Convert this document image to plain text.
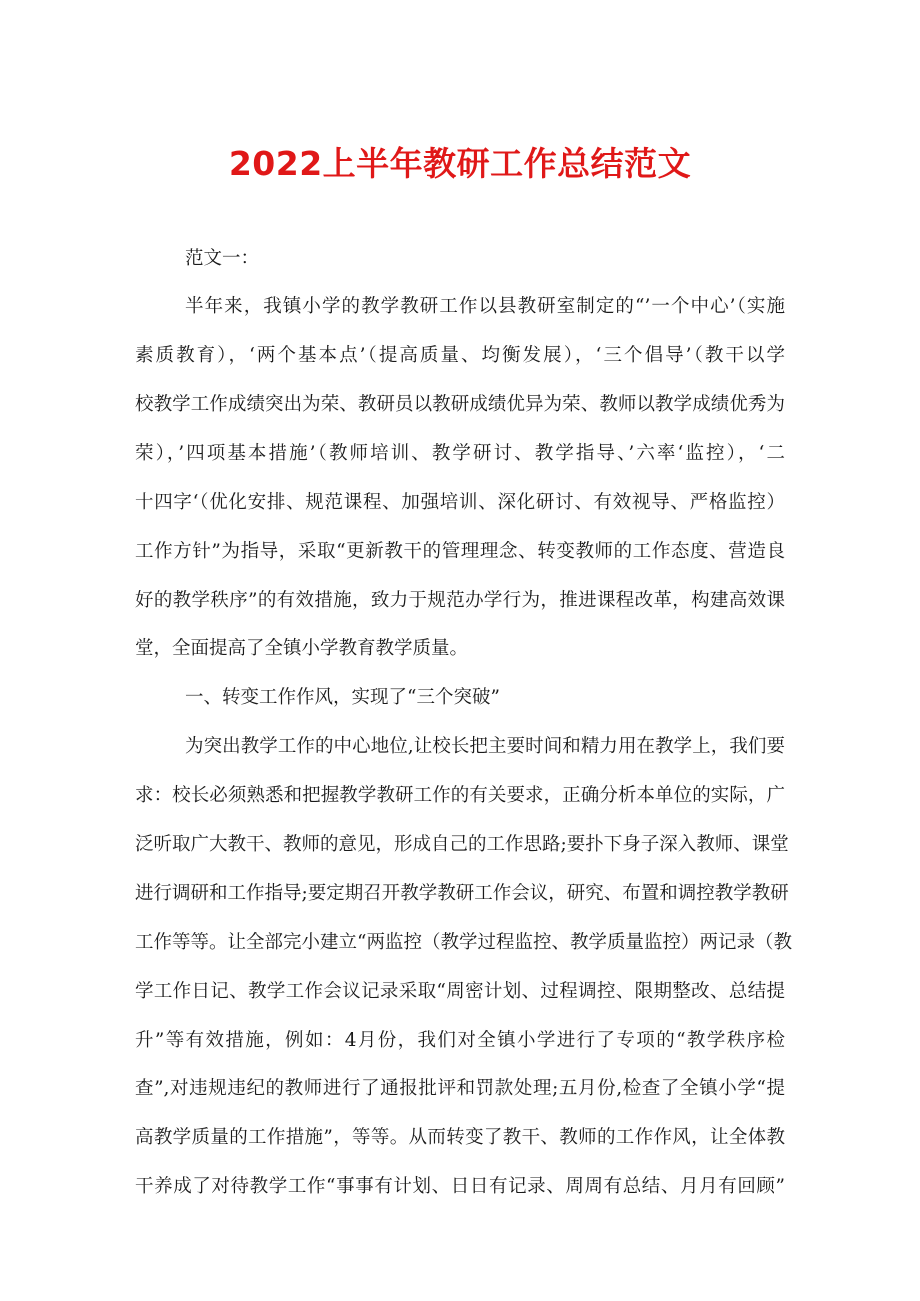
2022上半年教研工作总结范文
范文一：
半年来，我镇小学的教学教研工作以县教研室制定的“’一个中心’（实施
素质教育），‘两个基本点’（提高质量、均衡发展），‘三个倡导’（教干以学
校教学工作成绩突出为荣、教研员以教研成绩优异为荣、教师以教学成绩优秀为
荣），’四项基本措施’（教师培训、教学研讨、教学指导、’六率‘监控），‘二
十四字‘（优化安排、规范课程、加强培训、深化研讨、有效视导、严格监控）
工作方针”为指导，采取“更新教干的管理理念、转变教师的工作态度、营造良
好的教学秩序”的有效措施，致力于规范办学行为，推进课程改革，构建高效课
堂，全面提高了全镇小学教育教学质量。
一、转变工作作风，实现了“三个突破”
为突出教学工作的中心地位,让校长把主要时间和精力用在教学上，我们要
求：校长必须熟悉和把握教学教研工作的有关要求，正确分析本单位的实际，广
泛听取广大教干、教师的意见，形成自己的工作思路;要扑下身子深入教师、课堂
进行调研和工作指导;要定期召开教学教研工作会议，研究、布置和调控教学教研
工作等等。让全部完小建立“两监控（教学过程监控、教学质量监控）两记录（教
学工作日记、教学工作会议记录采取“周密计划、过程调控、限期整改、总结提
升”等有效措施，例如：4月份，我们对全镇小学进行了专项的“教学秩序检
查”,对违规违纪的教师进行了通报批评和罚款处理;五月份,检查了全镇小学“提
高教学质量的工作措施”，等等。从而转变了教干、教师的工作作风，让全体教
干养成了对待教学工作“事事有计划、日日有记录、周周有总结、月月有回顾”
